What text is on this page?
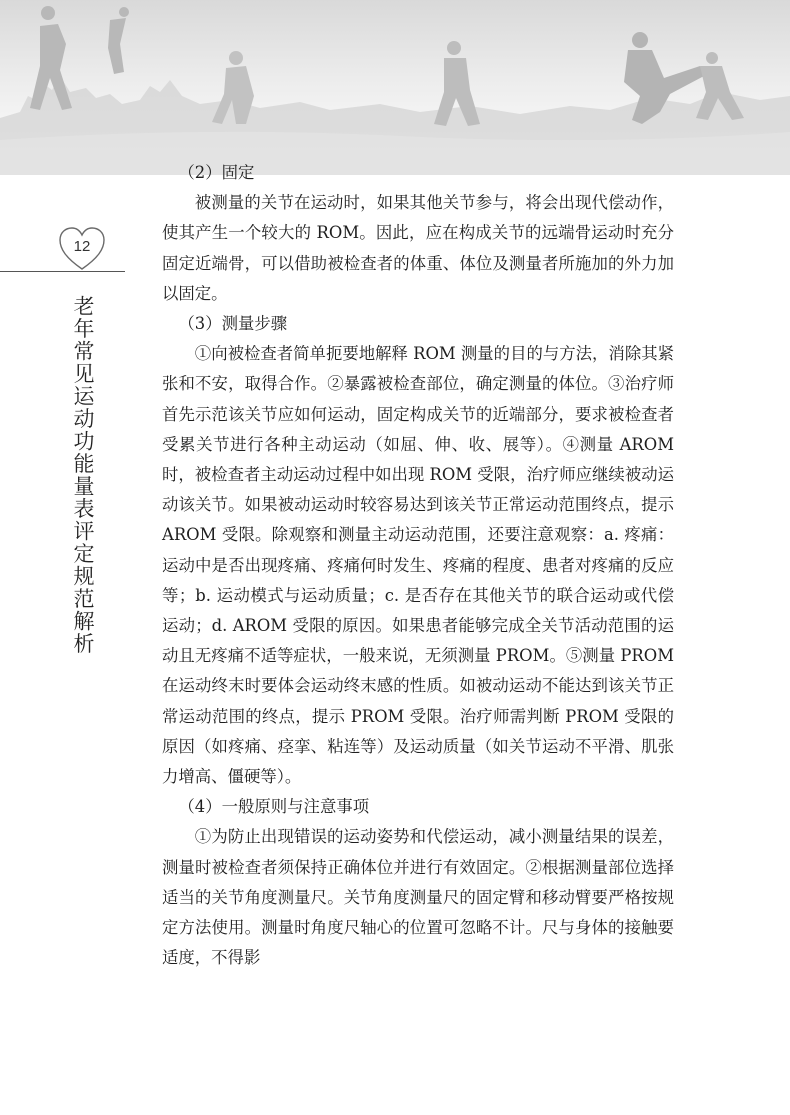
12
老年常见运动功能量表评定规范解析

（2）固定

被测量的关节在运动时，如果其他关节参与，将会出现代偿动作，使其产生一个较大的 ROM。因此，应在构成关节的远端骨运动时充分固定近端骨，可以借助被检查者的体重、体位及测量者所施加的外力加以固定。

（3）测量步骤

①向被检查者简单扼要地解释 ROM 测量的目的与方法，消除其紧张和不安，取得合作。②暴露被检查部位，确定测量的体位。③治疗师首先示范该关节应如何运动，固定构成关节的近端部分，要求被检查者受累关节进行各种主动运动（如屈、伸、收、展等）。④测量 AROM 时，被检查者主动运动过程中如出现 ROM 受限，治疗师应继续被动运动该关节。如果被动运动时较容易达到该关节正常运动范围终点，提示 AROM 受限。除观察和测量主动运动范围，还要注意观察：a. 疼痛：运动中是否出现疼痛、疼痛何时发生、疼痛的程度、患者对疼痛的反应等；b. 运动模式与运动质量；c. 是否存在其他关节的联合运动或代偿运动；d. AROM 受限的原因。如果患者能够完成全关节活动范围的运动且无疼痛不适等症状，一般来说，无须测量 PROM。⑤测量 PROM 在运动终末时要体会运动终末感的性质。如被动运动不能达到该关节正常运动范围的终点，提示 PROM 受限。治疗师需判断 PROM 受限的原因（如疼痛、痉挛、粘连等）及运动质量（如关节运动不平滑、肌张力增高、僵硬等）。

（4）一般原则与注意事项

①为防止出现错误的运动姿势和代偿运动，减小测量结果的误差，测量时被检查者须保持正确体位并进行有效固定。②根据测量部位选择适当的关节角度测量尺。关节角度测量尺的固定臂和移动臂要严格按规定方法使用。测量时角度尺轴心的位置可忽略不计。尺与身体的接触要适度，不得影
